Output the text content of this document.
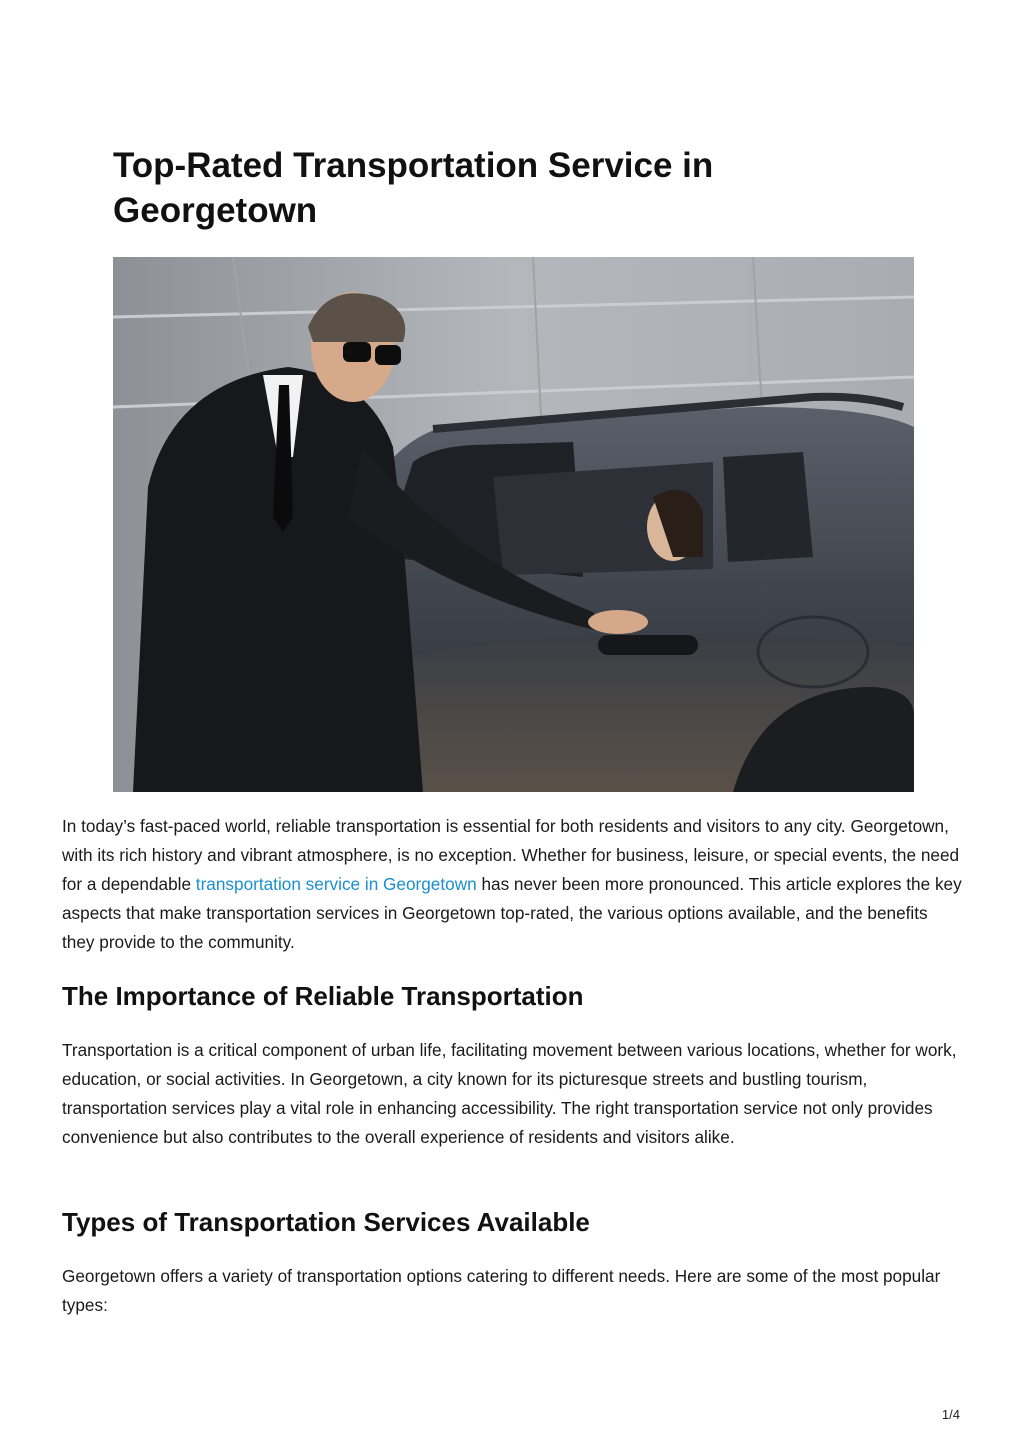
Top-Rated Transportation Service in Georgetown

In today’s fast-paced world, reliable transportation is essential for both residents and visitors to any city. Georgetown, with its rich history and vibrant atmosphere, is no exception. Whether for business, leisure, or special events, the need for a dependable transportation service in Georgetown has never been more pronounced. This article explores the key aspects that make transportation services in Georgetown top-rated, the various options available, and the benefits they provide to the community.

The Importance of Reliable Transportation

Transportation is a critical component of urban life, facilitating movement between various locations, whether for work, education, or social activities. In Georgetown, a city known for its picturesque streets and bustling tourism, transportation services play a vital role in enhancing accessibility. The right transportation service not only provides convenience but also contributes to the overall experience of residents and visitors alike.

Types of Transportation Services Available

Georgetown offers a variety of transportation options catering to different needs. Here are some of the most popular types:

1/4
